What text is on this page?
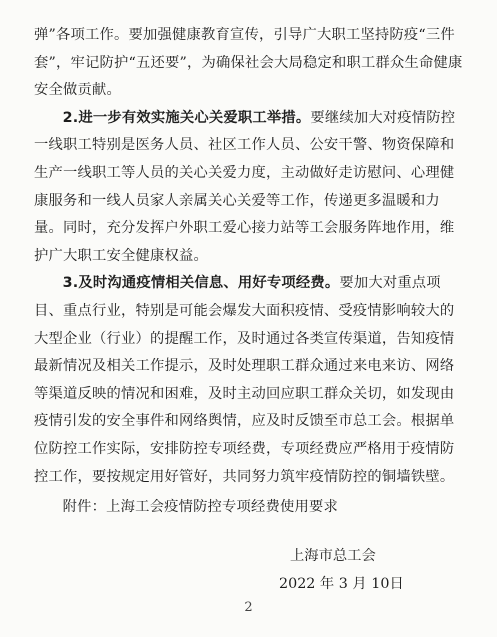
弹”各项工作。要加强健康教育宣传，引导广大职工坚持防疫“三件套”，牢记防护“五还要”，为确保社会大局稳定和职工群众生命健康安全做贡献。

2.进一步有效实施关心关爱职工举措。要继续加大对疫情防控一线职工特别是医务人员、社区工作人员、公安干警、物资保障和生产一线职工等人员的关心关爱力度，主动做好走访慰问、心理健康服务和一线人员家人亲属关心关爱等工作，传递更多温暖和力量。同时，充分发挥户外职工爱心接力站等工会服务阵地作用，维护广大职工安全健康权益。

3.及时沟通疫情相关信息、用好专项经费。要加大对重点项目、重点行业，特别是可能会爆发大面积疫情、受疫情影响较大的大型企业（行业）的提醒工作，及时通过各类宣传渠道，告知疫情最新情况及相关工作提示，及时处理职工群众通过来电来访、网络等渠道反映的情况和困难，及时主动回应职工群众关切，如发现由疫情引发的安全事件和网络舆情，应及时反馈至市总工会。根据单位防控工作实际，安排防控专项经费，专项经费应严格用于疫情防控工作，要按规定用好管好，共同努力筑牢疫情防控的铜墙铁壁。

附件：上海工会疫情防控专项经费使用要求

上海市总工会
2022 年 3 月 10日
2
